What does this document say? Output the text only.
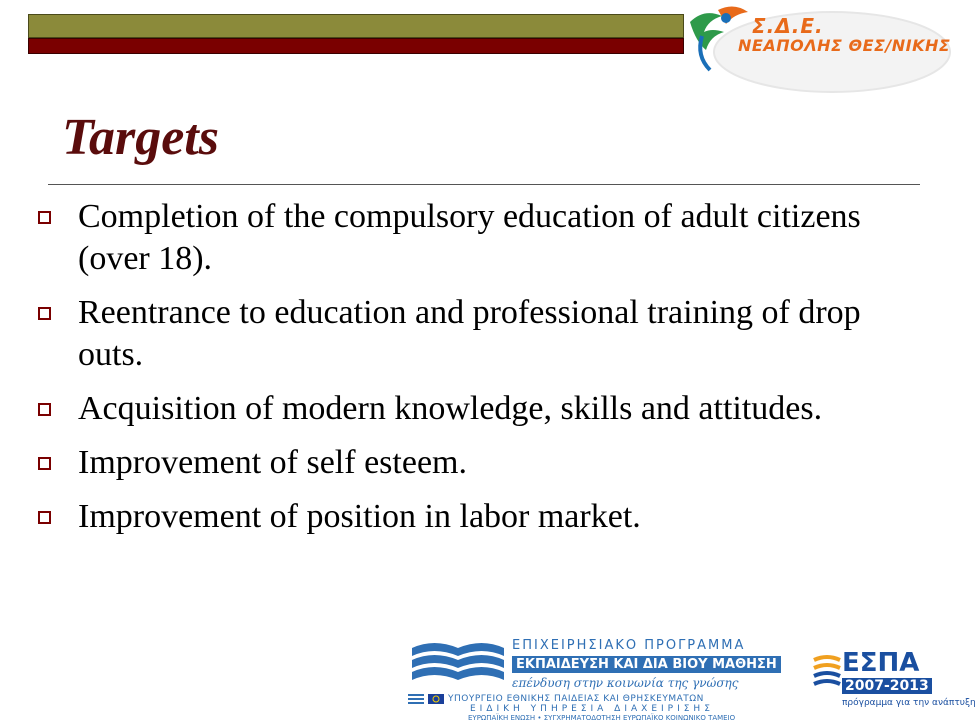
Σ.Δ.Ε.
ΝΕΑΠΟΛΗΣ ΘΕΣ/ΝΙΚΗΣ
Targets
Completion of the compulsory education of adult citizens (over 18).
Reentrance to education and professional training of drop outs.
Acquisition of modern knowledge, skills and attitudes.
Improvement of self esteem.
Improvement of position in labor market.
ΕΠΙΧΕΙΡΗΣΙΑΚΟ ΠΡΟΓΡΑΜΜΑ
ΕΚΠΑΙΔΕΥΣΗ ΚΑΙ ΔΙΑ ΒΙΟΥ ΜΑΘΗΣΗ
επένδυση στην κοινωνία της γνώσης
ΥΠΟΥΡΓΕΙΟ ΕΘΝΙΚΗΣ ΠΑΙΔΕΙΑΣ ΚΑΙ ΘΡΗΣΚΕΥΜΑΤΩΝ
ΕΙΔΙΚΗ ΥΠΗΡΕΣΙΑ ΔΙΑΧΕΙΡΙΣΗΣ
ΕΥΡΩΠΑΪΚΗ ΕΝΩΣΗ • ΣΥΓΧΡΗΜΑΤΟΔΟΤΗΣΗ ΕΥΡΩΠΑΪΚΟ ΚΟΙΝΩΝΙΚΟ ΤΑΜΕΙΟ
ΕΣΠΑ
2007-2013
πρόγραμμα για την ανάπτυξη
